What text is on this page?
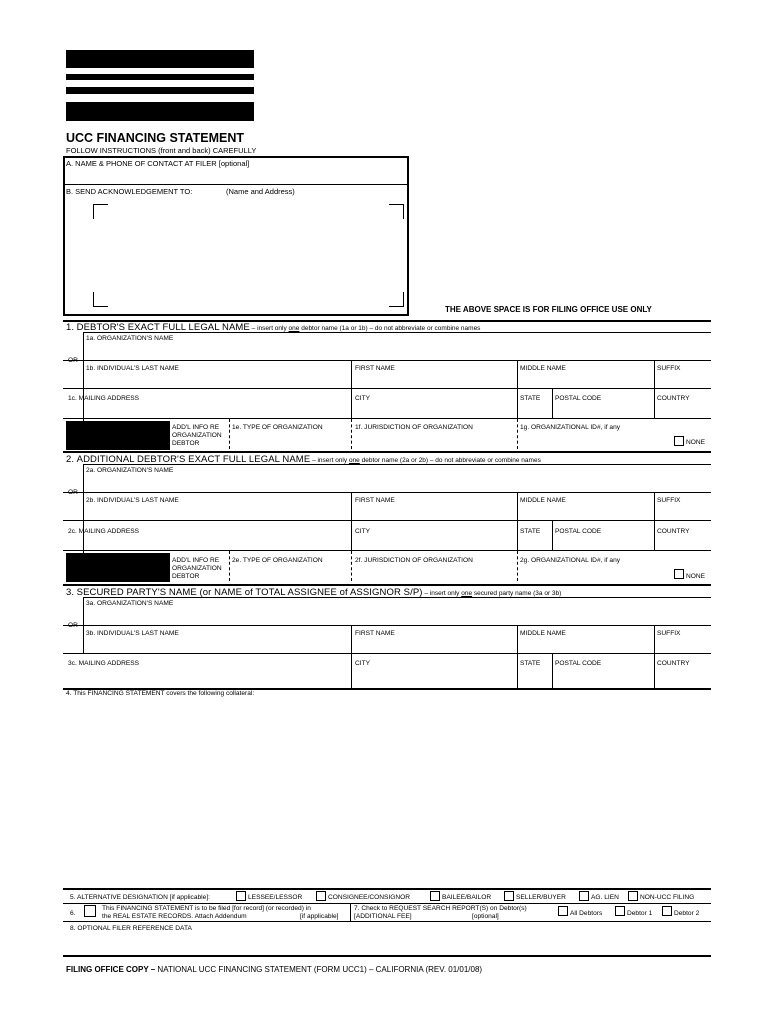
UCC FINANCING STATEMENT
FOLLOW INSTRUCTIONS (front and back) CAREFULLY
A. NAME & PHONE OF CONTACT AT FILER [optional]
B. SEND ACKNOWLEDGEMENT TO:	(Name and Address)
THE ABOVE SPACE IS FOR FILING OFFICE USE ONLY
1. DEBTOR'S EXACT FULL LEGAL NAME – insert only one debtor name (1a or 1b) – do not abbreviate or combine names
1a. ORGANIZATION'S NAME
OR
1b. INDIVIDUAL'S LAST NAME	FIRST NAME	MIDDLE NAME	SUFFIX
1c. MAILING ADDRESS	CITY	STATE POSTAL CODE	COUNTRY
ADD'L INFO RE
ORGANIZATION
DEBTOR
1e. TYPE OF ORGANIZATION	1f. JURISDICTION OF ORGANIZATION	1g. ORGANIZATIONAL ID#, if any
NONE
2. ADDITIONAL DEBTOR'S EXACT FULL LEGAL NAME – insert only one debtor name (2a or 2b) – do not abbreviate or combine names
2a. ORGANIZATION'S NAME
OR
2b. INDIVIDUAL'S LAST NAME	FIRST NAME	MIDDLE NAME	SUFFIX
2c. MAILING ADDRESS	CITY	STATE POSTAL CODE	COUNTRY
ADD'L INFO RE
ORGANIZATION
DEBTOR
2e. TYPE OF ORGANIZATION	2f. JURISDICTION OF ORGANIZATION	2g. ORGANIZATIONAL ID#, if any
NONE
3. SECURED PARTY'S NAME (or NAME of TOTAL ASSIGNEE of ASSIGNOR S/P) – insert only one secured party name (3a or 3b)
3a. ORGANIZATION'S NAME
OR
3b. INDIVIDUAL'S LAST NAME	FIRST NAME	MIDDLE NAME	SUFFIX
3c. MAILING ADDRESS	CITY	STATE POSTAL CODE	COUNTRY
4. This FINANCING STATEMENT covers the following collateral:
5. ALTERNATIVE DESIGNATION [if applicable]:	LESSEE/LESSOR	CONSIGNEE/CONSIGNOR	BAILEE/BAILOR	SELLER/BUYER	AG. LIEN	NON-UCC FILING
6.
This FINANCING STATEMENT is to be filed [for record] (or recorded) in
the REAL ESTATE RECORDS. Attach Addendum	[if applicable]
7. Check to REQUEST SEARCH REPORT(S) on Debtor(s)
[ADDITIONAL FEE]	[optional]	All Debtors	Debtor 1	Debtor 2
8. OPTIONAL FILER REFERENCE DATA
FILING OFFICE COPY – NATIONAL UCC FINANCING STATEMENT (FORM UCC1) – CALIFORNIA (REV. 01/01/08)
